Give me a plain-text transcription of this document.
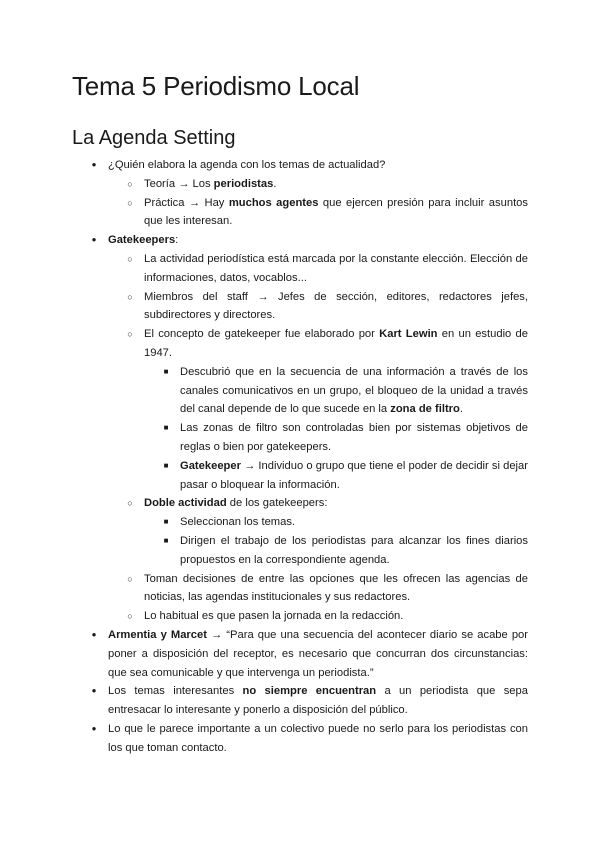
Tema 5 Periodismo Local
La Agenda Setting
● ¿Quién elabora la agenda con los temas de actualidad?
○ Teoría → Los periodistas.
○ Práctica → Hay muchos agentes que ejercen presión para incluir asuntos que les interesan.
● Gatekeepers:
○ La actividad periodística está marcada por la constante elección. Elección de informaciones, datos, vocablos...
○ Miembros del staff → Jefes de sección, editores, redactores jefes, subdirectores y directores.
○ El concepto de gatekeeper fue elaborado por Kart Lewin en un estudio de 1947.
■ Descubrió que en la secuencia de una información a través de los canales comunicativos en un grupo, el bloqueo de la unidad a través del canal depende de lo que sucede en la zona de filtro.
■ Las zonas de filtro son controladas bien por sistemas objetivos de reglas o bien por gatekeepers.
■ Gatekeeper → Individuo o grupo que tiene el poder de decidir si dejar pasar o bloquear la información.
○ Doble actividad de los gatekeepers:
■ Seleccionan los temas.
■ Dirigen el trabajo de los periodistas para alcanzar los fines diarios propuestos en la correspondiente agenda.
○ Toman decisiones de entre las opciones que les ofrecen las agencias de noticias, las agendas institucionales y sus redactores.
○ Lo habitual es que pasen la jornada en la redacción.
● Armentia y Marcet → “Para que una secuencia del acontecer diario se acabe por poner a disposición del receptor, es necesario que concurran dos circunstancias: que sea comunicable y que intervenga un periodista.”
● Los temas interesantes no siempre encuentran a un periodista que sepa entresacar lo interesante y ponerlo a disposición del público.
● Lo que le parece importante a un colectivo puede no serlo para los periodistas con los que toman contacto.
